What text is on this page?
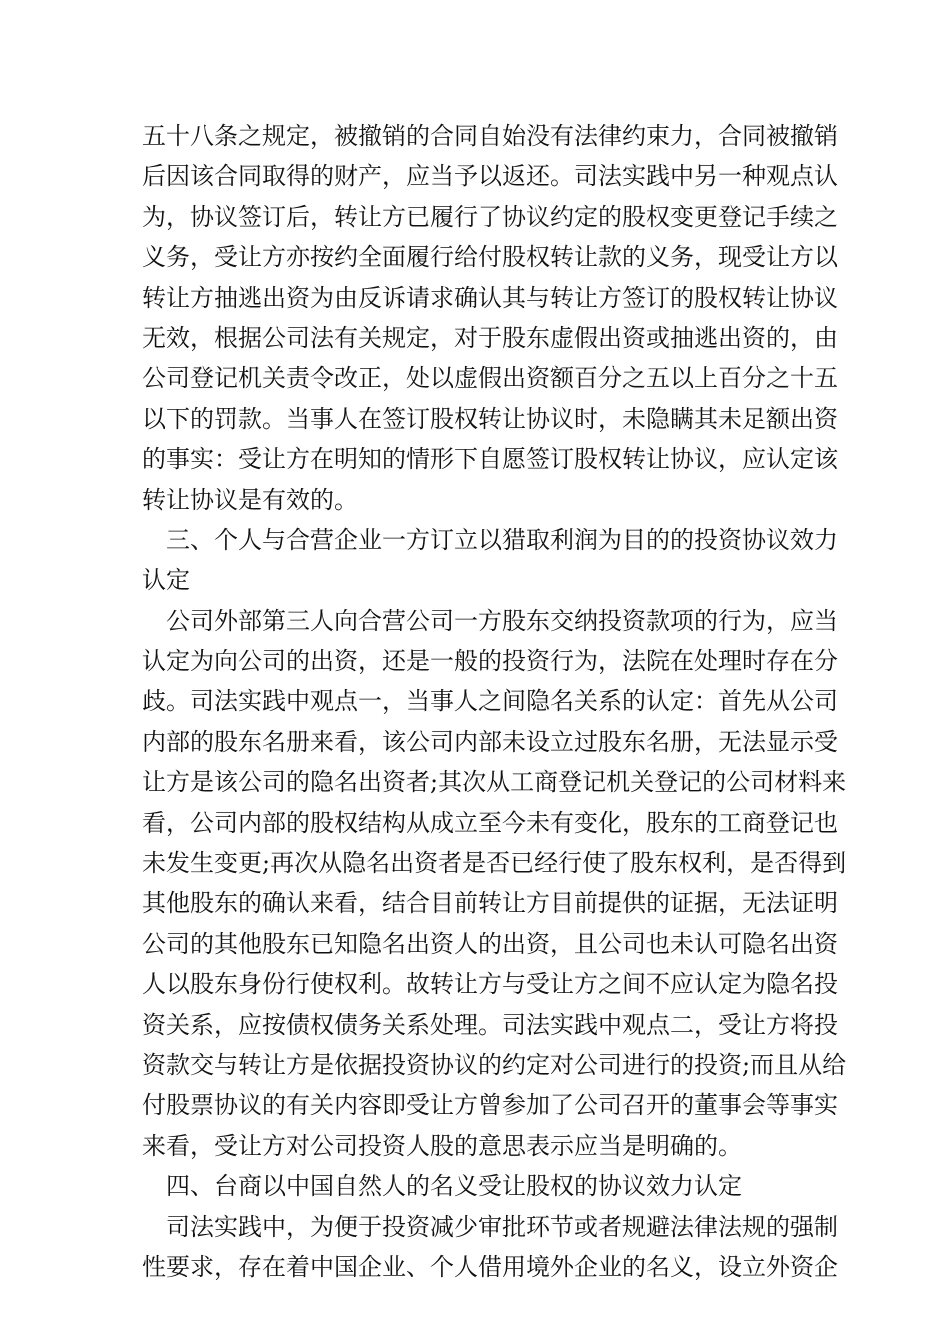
五十八条之规定，被撤销的合同自始没有法律约束力，合同被撤销
后因该合同取得的财产，应当予以返还。司法实践中另一种观点认
为，协议签订后，转让方已履行了协议约定的股权变更登记手续之
义务，受让方亦按约全面履行给付股权转让款的义务，现受让方以
转让方抽逃出资为由反诉请求确认其与转让方签订的股权转让协议
无效，根据公司法有关规定，对于股东虚假出资或抽逃出资的，由
公司登记机关责令改正，处以虚假出资额百分之五以上百分之十五
以下的罚款。当事人在签订股权转让协议时，未隐瞒其未足额出资
的事实：受让方在明知的情形下自愿签订股权转让协议，应认定该
转让协议是有效的。
三、个人与合营企业一方订立以猎取利润为目的的投资协议效力
认定
公司外部第三人向合营公司一方股东交纳投资款项的行为，应当
认定为向公司的出资，还是一般的投资行为，法院在处理时存在分
歧。司法实践中观点一，当事人之间隐名关系的认定：首先从公司
内部的股东名册来看，该公司内部未设立过股东名册，无法显示受
让方是该公司的隐名出资者;其次从工商登记机关登记的公司材料来
看，公司内部的股权结构从成立至今未有变化，股东的工商登记也
未发生变更;再次从隐名出资者是否已经行使了股东权利，是否得到
其他股东的确认来看，结合目前转让方目前提供的证据，无法证明
公司的其他股东已知隐名出资人的出资，且公司也未认可隐名出资
人以股东身份行使权利。故转让方与受让方之间不应认定为隐名投
资关系，应按债权债务关系处理。司法实践中观点二，受让方将投
资款交与转让方是依据投资协议的约定对公司进行的投资;而且从给
付股票协议的有关内容即受让方曾参加了公司召开的董事会等事实
来看，受让方对公司投资人股的意思表示应当是明确的。
四、台商以中国自然人的名义受让股权的协议效力认定
司法实践中，为便于投资减少审批环节或者规避法律法规的强制
性要求，存在着中国企业、个人借用境外企业的名义，设立外资企
